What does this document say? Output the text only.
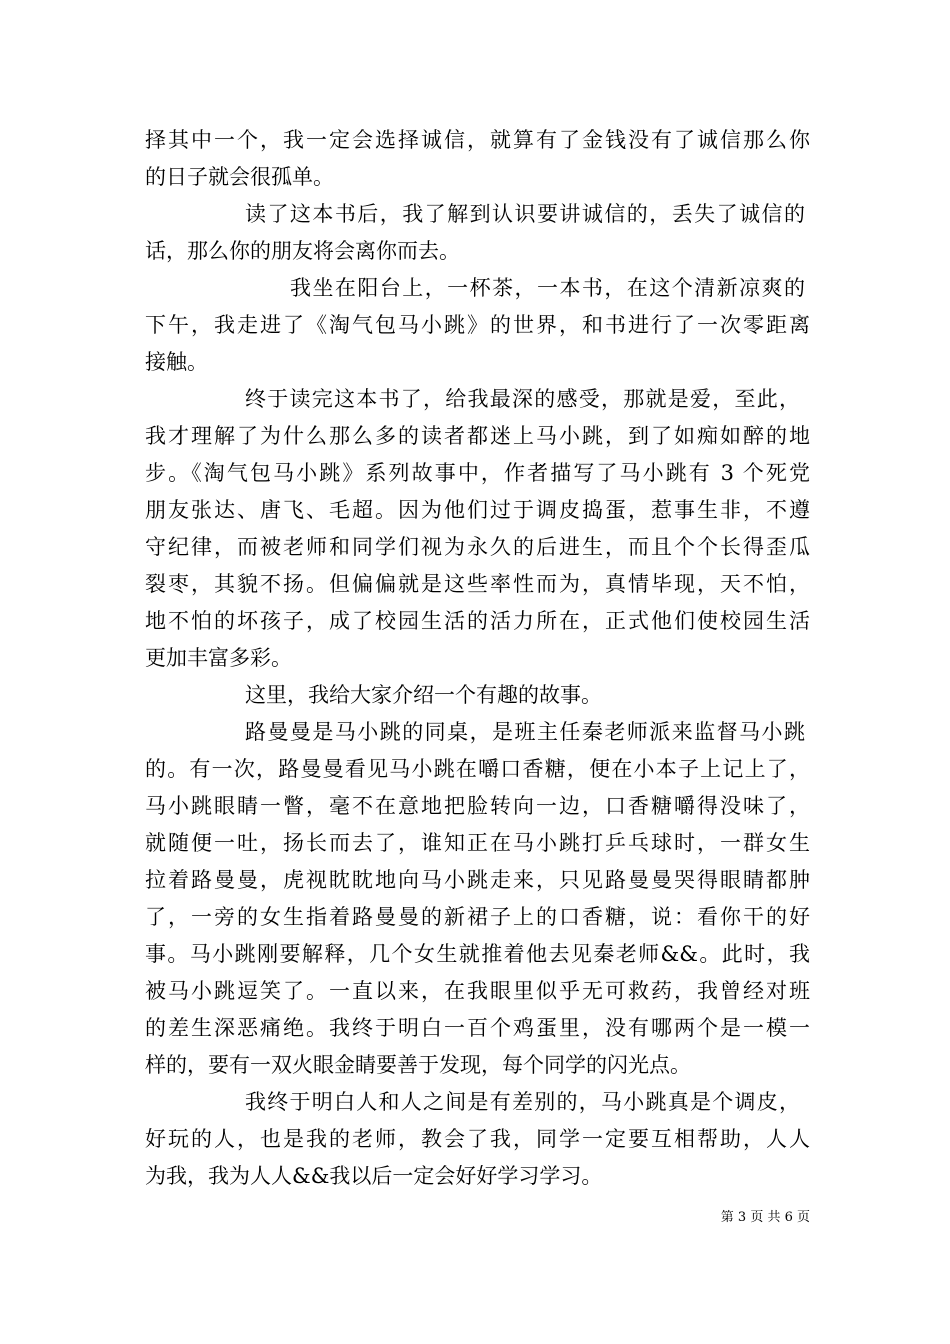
择其中一个，我一定会选择诚信，就算有了金钱没有了诚信那么你
的日子就会很孤单。
读了这本书后，我了解到认识要讲诚信的，丢失了诚信的
话，那么你的朋友将会离你而去。
我坐在阳台上，一杯茶，一本书，在这个清新凉爽的
下午，我走进了《淘气包马小跳》的世界，和书进行了一次零距离
接触。
终于读完这本书了，给我最深的感受，那就是爱，至此，
我才理解了为什么那么多的读者都迷上马小跳，到了如痴如醉的地
步。《淘气包马小跳》系列故事中，作者描写了马小跳有 3 个死党
朋友张达、唐飞、毛超。因为他们过于调皮捣蛋，惹事生非，不遵
守纪律，而被老师和同学们视为永久的后进生，而且个个长得歪瓜
裂枣，其貌不扬。但偏偏就是这些率性而为，真情毕现，天不怕，
地不怕的坏孩子，成了校园生活的活力所在，正式他们使校园生活
更加丰富多彩。
这里，我给大家介绍一个有趣的故事。
路曼曼是马小跳的同桌，是班主任秦老师派来监督马小跳
的。有一次，路曼曼看见马小跳在嚼口香糖，便在小本子上记上了，
马小跳眼睛一瞥，毫不在意地把脸转向一边，口香糖嚼得没味了，
就随便一吐，扬长而去了，谁知正在马小跳打乒乓球时，一群女生
拉着路曼曼，虎视眈眈地向马小跳走来，只见路曼曼哭得眼睛都肿
了，一旁的女生指着路曼曼的新裙子上的口香糖，说：看你干的好
事。马小跳刚要解释，几个女生就推着他去见秦老师&&。此时，我
被马小跳逗笑了。一直以来，在我眼里似乎无可救药，我曾经对班
的差生深恶痛绝。我终于明白一百个鸡蛋里，没有哪两个是一模一
样的，要有一双火眼金睛要善于发现，每个同学的闪光点。
我终于明白人和人之间是有差别的，马小跳真是个调皮，
好玩的人，也是我的老师，教会了我，同学一定要互相帮助，人人
为我，我为人人&&我以后一定会好好学习学习。
第 3 页 共 6 页
